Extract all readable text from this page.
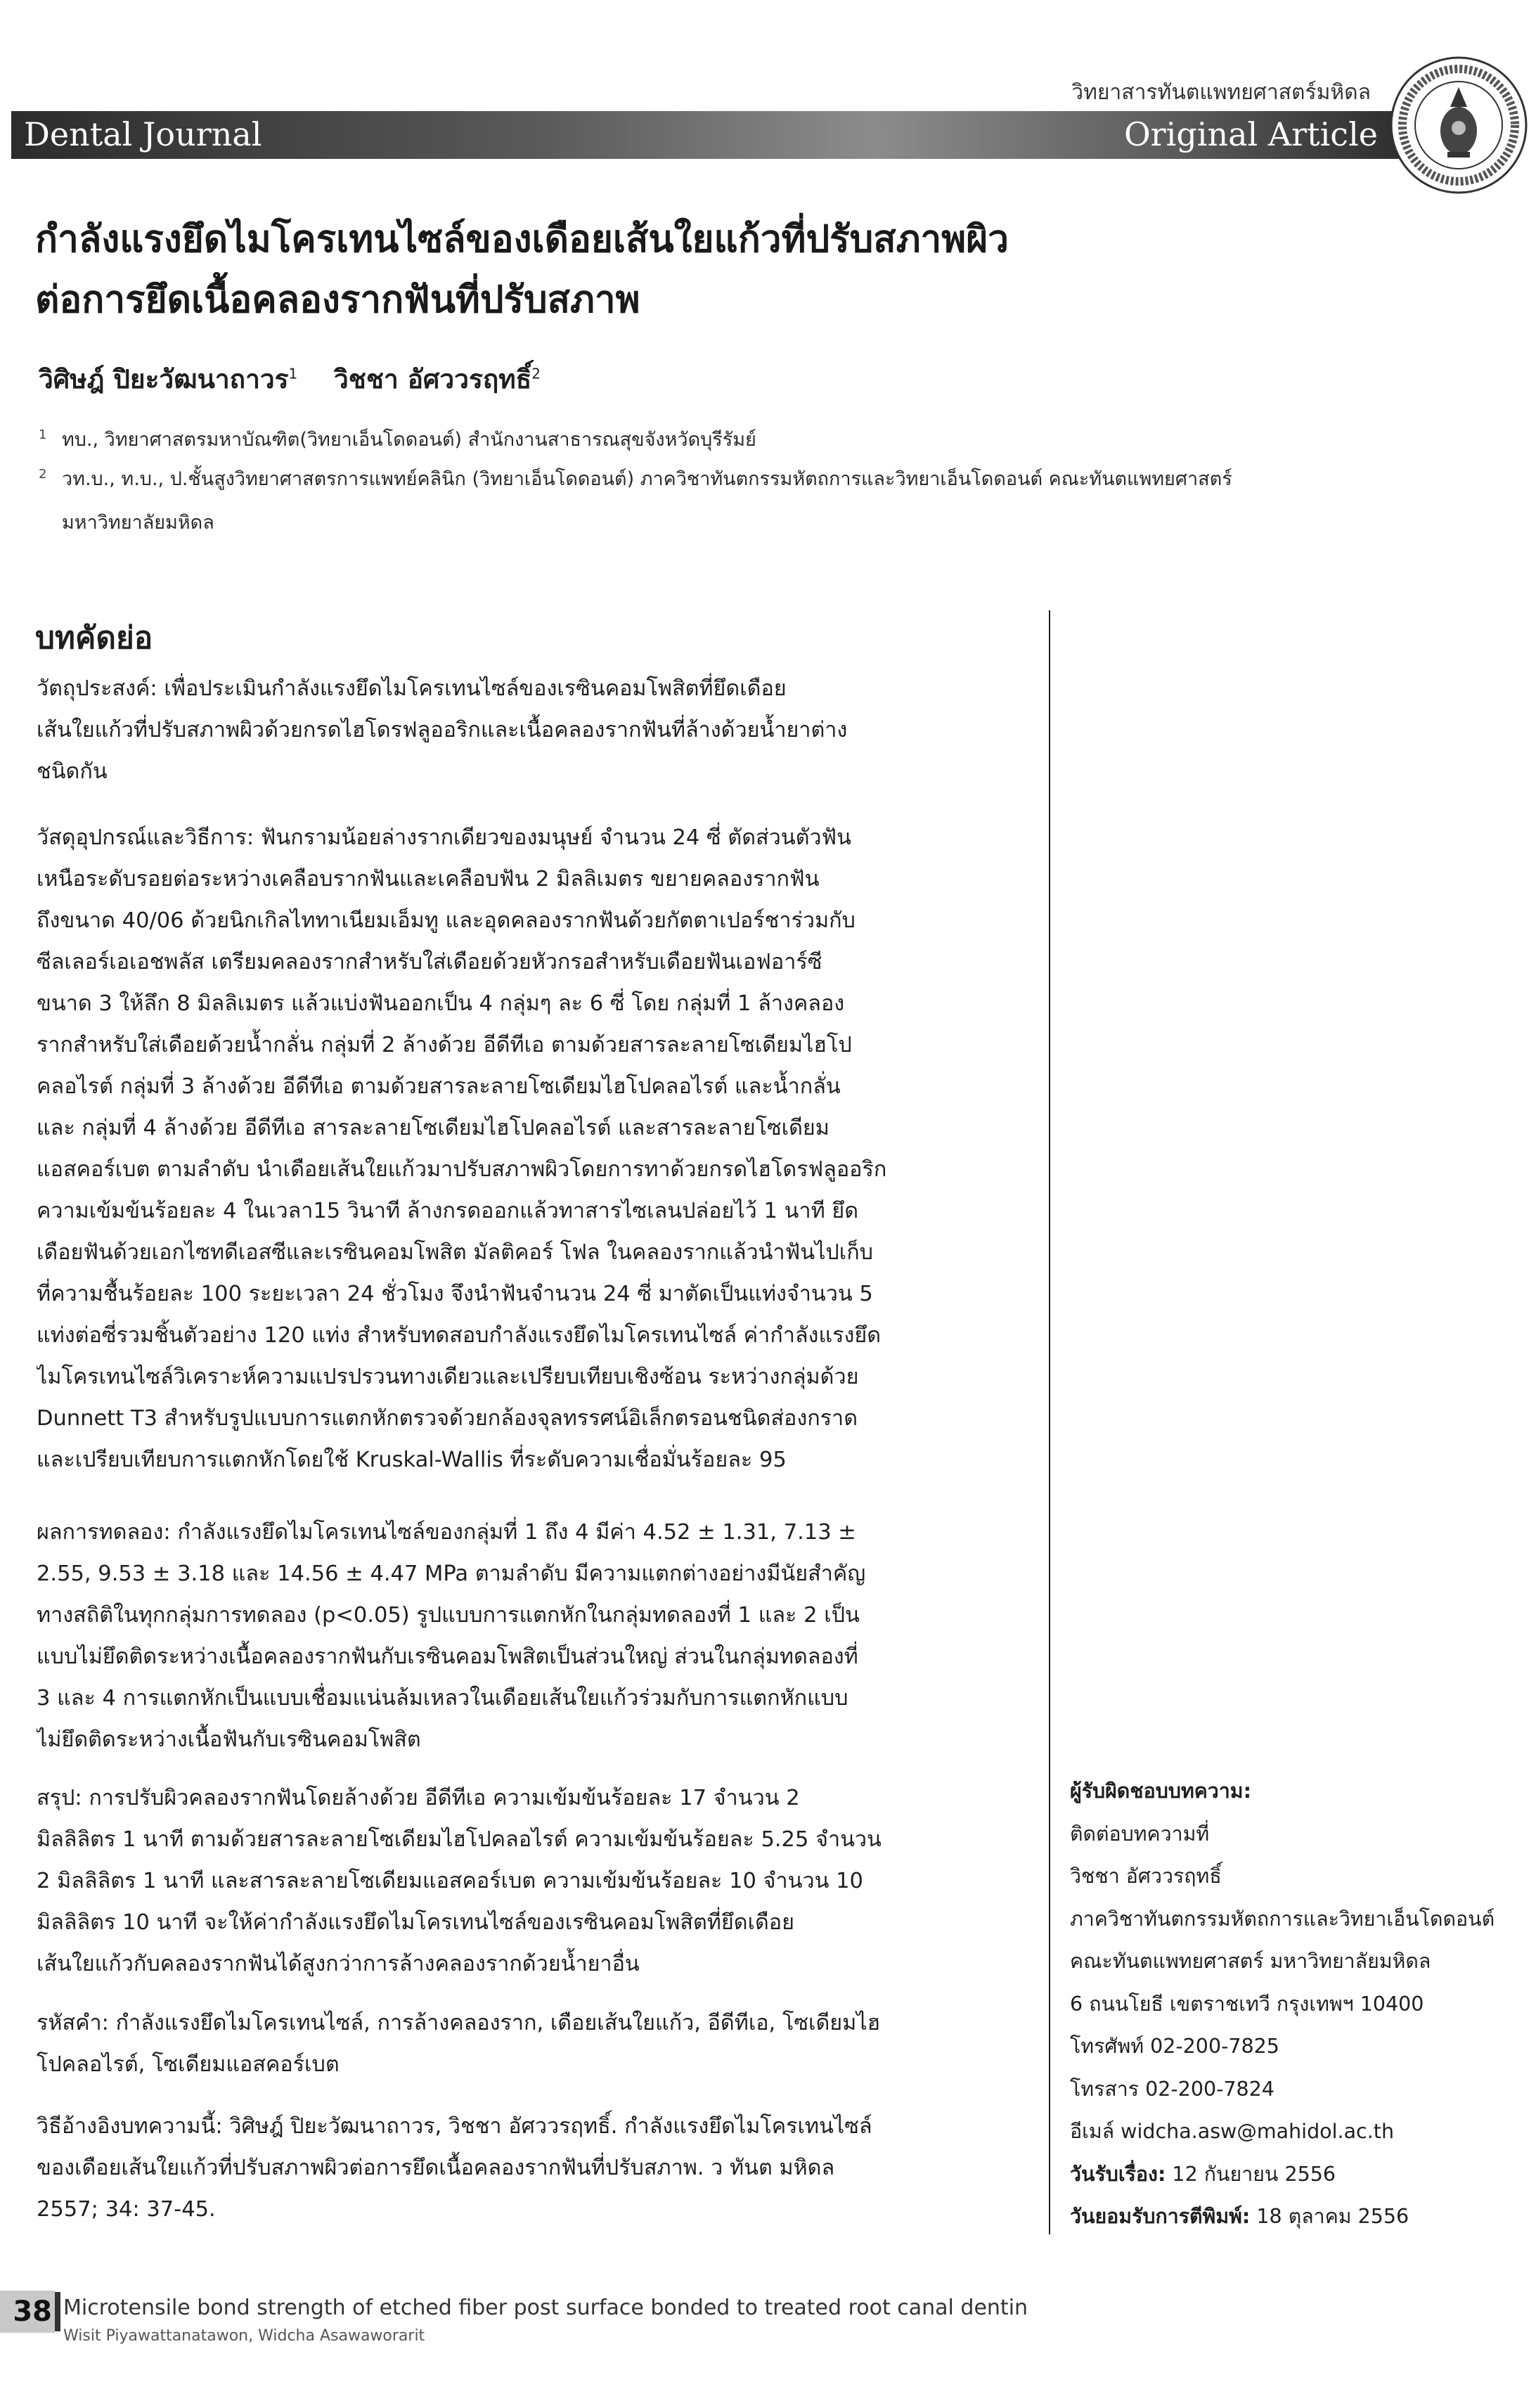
วิทยาสารทันตแพทยศาสตร์มหิดล
Dental Journal	Original Article
กำลังแรงยึดไมโครเทนไซล์ของเดือยเส้นใยแก้วที่ปรับสภาพผิว
ต่อการยึดเนื้อคลองรากฟันที่ปรับสภาพ
วิศิษฎ์ ปิยะวัฒนาถาวร$^1$ วิชชา อัศววรฤทธิ์$^2$
1 ทบ., วิทยาศาสตรมหาบัณฑิต(วิทยาเอ็นโดดอนต์) สำนักงานสาธารณสุขจังหวัดบุรีรัมย์
2 วท.บ., ท.บ., ป.ชั้นสูงวิทยาศาสตรการแพทย์คลินิก (วิทยาเอ็นโดดอนต์) ภาควิชาทันตกรรมหัตถการและวิทยาเอ็นโดดอนต์ คณะทันตแพทยศาสตร์
มหาวิทยาลัยมหิดล
บทคัดย่อ
วัตถุประสงค์: เพื่อประเมินกำลังแรงยึดไมโครเทนไซล์ของเรซินคอมโพสิตที่ยึดเดือย
เส้นใยแก้วที่ปรับสภาพผิวด้วยกรดไฮโดรฟลูออริกและเนื้อคลองรากฟันที่ล้างด้วยน้ำยาต่าง
ชนิดกัน
วัสดุอุปกรณ์และวิธีการ: ฟันกรามน้อยล่างรากเดียวของมนุษย์ จำนวน 24 ซี่ ตัดส่วนตัวฟัน
เหนือระดับรอยต่อระหว่างเคลือบรากฟันและเคลือบฟัน 2 มิลลิเมตร ขยายคลองรากฟัน
ถึงขนาด 40/06 ด้วยนิกเกิลไททาเนียมเอ็มทู และอุดคลองรากฟันด้วยกัตตาเปอร์ชาร่วมกับ
ซีลเลอร์เอเอชพลัส เตรียมคลองรากสำหรับใส่เดือยด้วยหัวกรอสำหรับเดือยฟันเอฟอาร์ซี
ขนาด 3 ให้ลึก 8 มิลลิเมตร แล้วแบ่งฟันออกเป็น 4 กลุ่มๆ ละ 6 ซี่ โดย กลุ่มที่ 1 ล้างคลอง
รากสำหรับใส่เดือยด้วยน้ำกลั่น กลุ่มที่ 2 ล้างด้วย อีดีทีเอ ตามด้วยสารละลายโซเดียมไฮโป
คลอไรต์ กลุ่มที่ 3 ล้างด้วย อีดีทีเอ ตามด้วยสารละลายโซเดียมไฮโปคลอไรต์ และน้ำกลั่น
และ กลุ่มที่ 4 ล้างด้วย อีดีทีเอ สารละลายโซเดียมไฮโปคลอไรต์ และสารละลายโซเดียม
แอสคอร์เบต ตามลำดับ นำเดือยเส้นใยแก้วมาปรับสภาพผิวโดยการทาด้วยกรดไฮโดรฟลูออริก
ความเข้มข้นร้อยละ 4 ในเวลา15 วินาที ล้างกรดออกแล้วทาสารไซเลนปล่อยไว้ 1 นาที ยึด
เดือยฟันด้วยเอกไซทดีเอสซีและเรซินคอมโพสิต มัลติคอร์ โฟล ในคลองรากแล้วนำฟันไปเก็บ
ที่ความชื้นร้อยละ 100 ระยะเวลา 24 ชั่วโมง จึงนำฟันจำนวน 24 ซี่ มาตัดเป็นแท่งจำนวน 5
แท่งต่อซี่รวมชิ้นตัวอย่าง 120 แท่ง สำหรับทดสอบกำลังแรงยึดไมโครเทนไซล์ ค่ากำลังแรงยึด
ไมโครเทนไซล์วิเคราะห์ความแปรปรวนทางเดียวและเปรียบเทียบเชิงซ้อน ระหว่างกลุ่มด้วย
Dunnett T3 สำหรับรูปแบบการแตกหักตรวจด้วยกล้องจุลทรรศน์อิเล็กตรอนชนิดส่องกราด
และเปรียบเทียบการแตกหักโดยใช้ Kruskal-Wallis ที่ระดับความเชื่อมั่นร้อยละ 95
ผลการทดลอง: กำลังแรงยึดไมโครเทนไซล์ของกลุ่มที่ 1 ถึง 4 มีค่า 4.52 ± 1.31, 7.13 ±
2.55, 9.53 ± 3.18 และ 14.56 ± 4.47 MPa ตามลำดับ มีความแตกต่างอย่างมีนัยสำคัญ
ทางสถิติในทุกกลุ่มการทดลอง (p<0.05) รูปแบบการแตกหักในกลุ่มทดลองที่ 1 และ 2 เป็น
แบบไม่ยึดติดระหว่างเนื้อคลองรากฟันกับเรซินคอมโพสิตเป็นส่วนใหญ่ ส่วนในกลุ่มทดลองที่
3 และ 4 การแตกหักเป็นแบบเชื่อมแน่นล้มเหลวในเดือยเส้นใยแก้วร่วมกับการแตกหักแบบ
ไม่ยึดติดระหว่างเนื้อฟันกับเรซินคอมโพสิต
สรุป: การปรับผิวคลองรากฟันโดยล้างด้วย อีดีทีเอ ความเข้มข้นร้อยละ 17 จำนวน 2
มิลลิลิตร 1 นาที ตามด้วยสารละลายโซเดียมไฮโปคลอไรต์ ความเข้มข้นร้อยละ 5.25 จำนวน
2 มิลลิลิตร 1 นาที และสารละลายโซเดียมแอสคอร์เบต ความเข้มข้นร้อยละ 10 จำนวน 10
มิลลิลิตร 10 นาที จะให้ค่ากำลังแรงยึดไมโครเทนไซล์ของเรซินคอมโพสิตที่ยึดเดือย
เส้นใยแก้วกับคลองรากฟันได้สูงกว่าการล้างคลองรากด้วยน้ำยาอื่น
รหัสคำ: กำลังแรงยึดไมโครเทนไซล์, การล้างคลองราก, เดือยเส้นใยแก้ว, อีดีทีเอ, โซเดียมไฮ
โปคลอไรต์, โซเดียมแอสคอร์เบต
วิธีอ้างอิงบทความนี้: วิศิษฎ์ ปิยะวัฒนาถาวร, วิชชา อัศววรฤทธิ์. กำลังแรงยึดไมโครเทนไซล์
ของเดือยเส้นใยแก้วที่ปรับสภาพผิวต่อการยึดเนื้อคลองรากฟันที่ปรับสภาพ. ว ทันต มหิดล
2557; 34: 37-45.
ผู้รับผิดชอบบทความ:
ติดต่อบทความที่
วิชชา อัศววรฤทธิ์
ภาควิชาทันตกรรมหัตถการและวิทยาเอ็นโดดอนต์
คณะทันตแพทยศาสตร์ มหาวิทยาลัยมหิดล
6 ถนนโยธี เขตราชเทวี กรุงเทพฯ 10400
โทรศัพท์ 02-200-7825
โทรสาร 02-200-7824
อีเมล์ widcha.asw@mahidol.ac.th
วันรับเรื่อง: 12 กันยายน 2556
วันยอมรับการตีพิมพ์: 18 ตุลาคม 2556
38 Microtensile bond strength of etched fiber post surface bonded to treated root canal dentin
Wisit Piyawattanatawon, Widcha Asawaworarit
